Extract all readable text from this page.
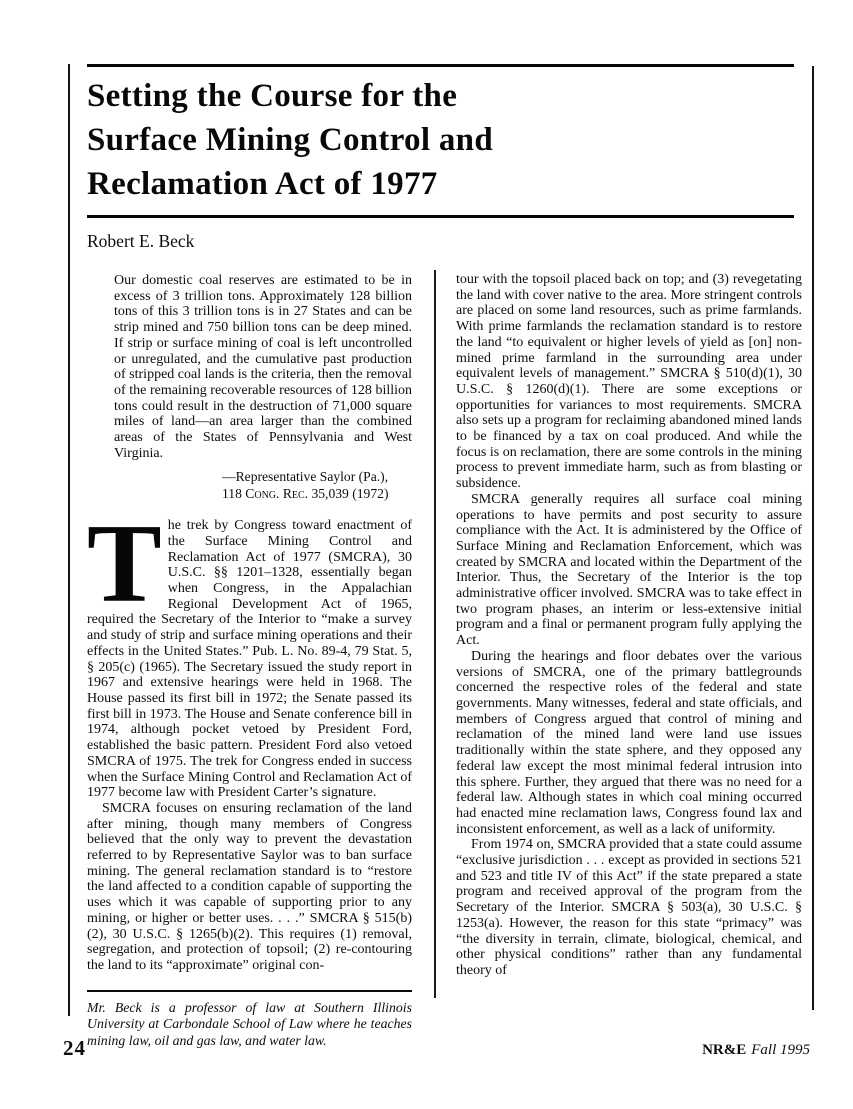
Setting the Course for the
Surface Mining Control and
Reclamation Act of 1977
Robert E. Beck

Our domestic coal reserves are estimated to be in excess of 3 trillion tons. Approximately 128 billion tons of this 3 trillion tons is in 27 States and can be strip mined and 750 billion tons can be deep mined. If strip or surface mining of coal is left uncontrolled or unregulated, and the cumulative past production of stripped coal lands is the criteria, then the removal of the remaining recoverable resources of 128 billion tons could result in the destruction of 71,000 square miles of land—an area larger than the combined areas of the States of Pennsylvania and West Virginia.

—Representative Saylor (Pa.),
118 Cong. Rec. 35,039 (1972)

The trek by Congress toward enactment of the Surface Mining Control and Reclamation Act of 1977 (SMCRA), 30 U.S.C. §§ 1201–1328, essentially began when Congress, in the Appalachian Regional Development Act of 1965, required the Secretary of the Interior to “make a survey and study of strip and surface mining operations and their effects in the United States.” Pub. L. No. 89-4, 79 Stat. 5, § 205(c) (1965). The Secretary issued the study report in 1967 and extensive hearings were held in 1968. The House passed its first bill in 1972; the Senate passed its first bill in 1973. The House and Senate conference bill in 1974, although pocket vetoed by President Ford, established the basic pattern. President Ford also vetoed SMCRA of 1975. The trek for Congress ended in success when the Surface Mining Control and Reclamation Act of 1977 become law with President Carter’s signature.

SMCRA focuses on ensuring reclamation of the land after mining, though many members of Congress believed that the only way to prevent the devastation referred to by Representative Saylor was to ban surface mining. The general reclamation standard is to “restore the land affected to a condition capable of supporting the uses which it was capable of supporting prior to any mining, or higher or better uses. . . .” SMCRA § 515(b)(2), 30 U.S.C. § 1265(b)(2). This requires (1) removal, segregation, and protection of topsoil; (2) re-contouring the land to its “approximate” original con-

Mr. Beck is a professor of law at Southern Illinois University at Carbondale School of Law where he teaches mining law, oil and gas law, and water law.

tour with the topsoil placed back on top; and (3) revegetating the land with cover native to the area. More stringent controls are placed on some land resources, such as prime farmlands. With prime farmlands the reclamation standard is to restore the land “to equivalent or higher levels of yield as [on] non-mined prime farmland in the surrounding area under equivalent levels of management.” SMCRA § 510(d)(1), 30 U.S.C. § 1260(d)(1). There are some exceptions or opportunities for variances to most requirements. SMCRA also sets up a program for reclaiming abandoned mined lands to be financed by a tax on coal produced. And while the focus is on reclamation, there are some controls in the mining process to prevent immediate harm, such as from blasting or subsidence.

SMCRA generally requires all surface coal mining operations to have permits and post security to assure compliance with the Act. It is administered by the Office of Surface Mining and Reclamation Enforcement, which was created by SMCRA and located within the Department of the Interior. Thus, the Secretary of the Interior is the top administrative officer involved. SMCRA was to take effect in two program phases, an interim or less-extensive initial program and a final or permanent program fully applying the Act.

During the hearings and floor debates over the various versions of SMCRA, one of the primary battlegrounds concerned the respective roles of the federal and state governments. Many witnesses, federal and state officials, and members of Congress argued that control of mining and reclamation of the mined land were land use issues traditionally within the state sphere, and they opposed any federal law except the most minimal federal intrusion into this sphere. Further, they argued that there was no need for a federal law. Although states in which coal mining occurred had enacted mine reclamation laws, Congress found lax and inconsistent enforcement, as well as a lack of uniformity.

From 1974 on, SMCRA provided that a state could assume “exclusive jurisdiction . . . except as provided in sections 521 and 523 and title IV of this Act” if the state prepared a state program and received approval of the program from the Secretary of the Interior. SMCRA § 503(a), 30 U.S.C. § 1253(a). However, the reason for this state “primacy” was “the diversity in terrain, climate, biological, chemical, and other physical conditions” rather than any fundamental theory of

24	NR&E Fall 1995
